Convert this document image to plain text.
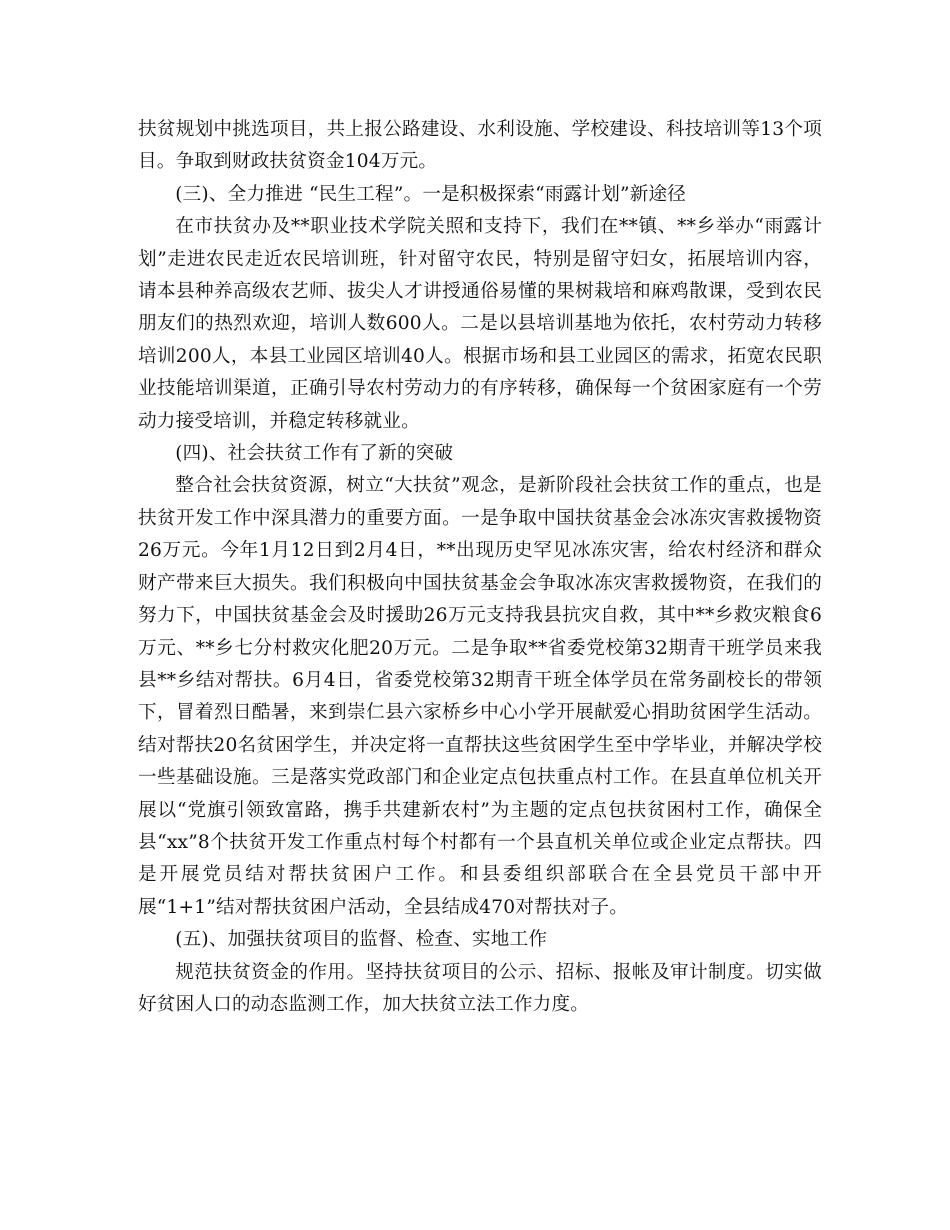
扶贫规划中挑选项目，共上报公路建设、水利设施、学校建设、科技培训等13个项目。争取到财政扶贫资金104万元。

(三)、全力推进 “民生工程”。一是积极探索“雨露计划”新途径

在市扶贫办及**职业技术学院关照和支持下，我们在**镇、**乡举办“雨露计划”走进农民走近农民培训班，针对留守农民，特别是留守妇女，拓展培训内容，请本县种养高级农艺师、拔尖人才讲授通俗易懂的果树栽培和麻鸡散课，受到农民朋友们的热烈欢迎，培训人数600人。二是以县培训基地为依托，农村劳动力转移培训200人，本县工业园区培训40人。根据市场和县工业园区的需求，拓宽农民职业技能培训渠道，正确引导农村劳动力的有序转移，确保每一个贫困家庭有一个劳动力接受培训，并稳定转移就业。

(四)、社会扶贫工作有了新的突破

整合社会扶贫资源，树立“大扶贫”观念，是新阶段社会扶贫工作的重点，也是扶贫开发工作中深具潜力的重要方面。一是争取中国扶贫基金会冰冻灾害救援物资26万元。今年1月12日到2月4日，**出现历史罕见冰冻灾害，给农村经济和群众财产带来巨大损失。我们积极向中国扶贫基金会争取冰冻灾害救援物资，在我们的努力下，中国扶贫基金会及时援助26万元支持我县抗灾自救，其中**乡救灾粮食6万元、**乡七分村救灾化肥20万元。二是争取**省委党校第32期青干班学员来我县**乡结对帮扶。6月4日，省委党校第32期青干班全体学员在常务副校长的带领下，冒着烈日酷暑，来到崇仁县六家桥乡中心小学开展献爱心捐助贫困学生活动。结对帮扶20名贫困学生，并决定将一直帮扶这些贫困学生至中学毕业，并解决学校一些基础设施。三是落实党政部门和企业定点包扶重点村工作。在县直单位机关开展以“党旗引领致富路，携手共建新农村”为主题的定点包扶贫困村工作，确保全县“xx”8个扶贫开发工作重点村每个村都有一个县直机关单位或企业定点帮扶。四是开展党员结对帮扶贫困户工作。和县委组织部联合在全县党员干部中开展“1+1”结对帮扶贫困户活动，全县结成470对帮扶对子。

(五)、加强扶贫项目的监督、检查、实地工作

规范扶贫资金的作用。坚持扶贫项目的公示、招标、报帐及审计制度。切实做好贫困人口的动态监测工作，加大扶贫立法工作力度。
